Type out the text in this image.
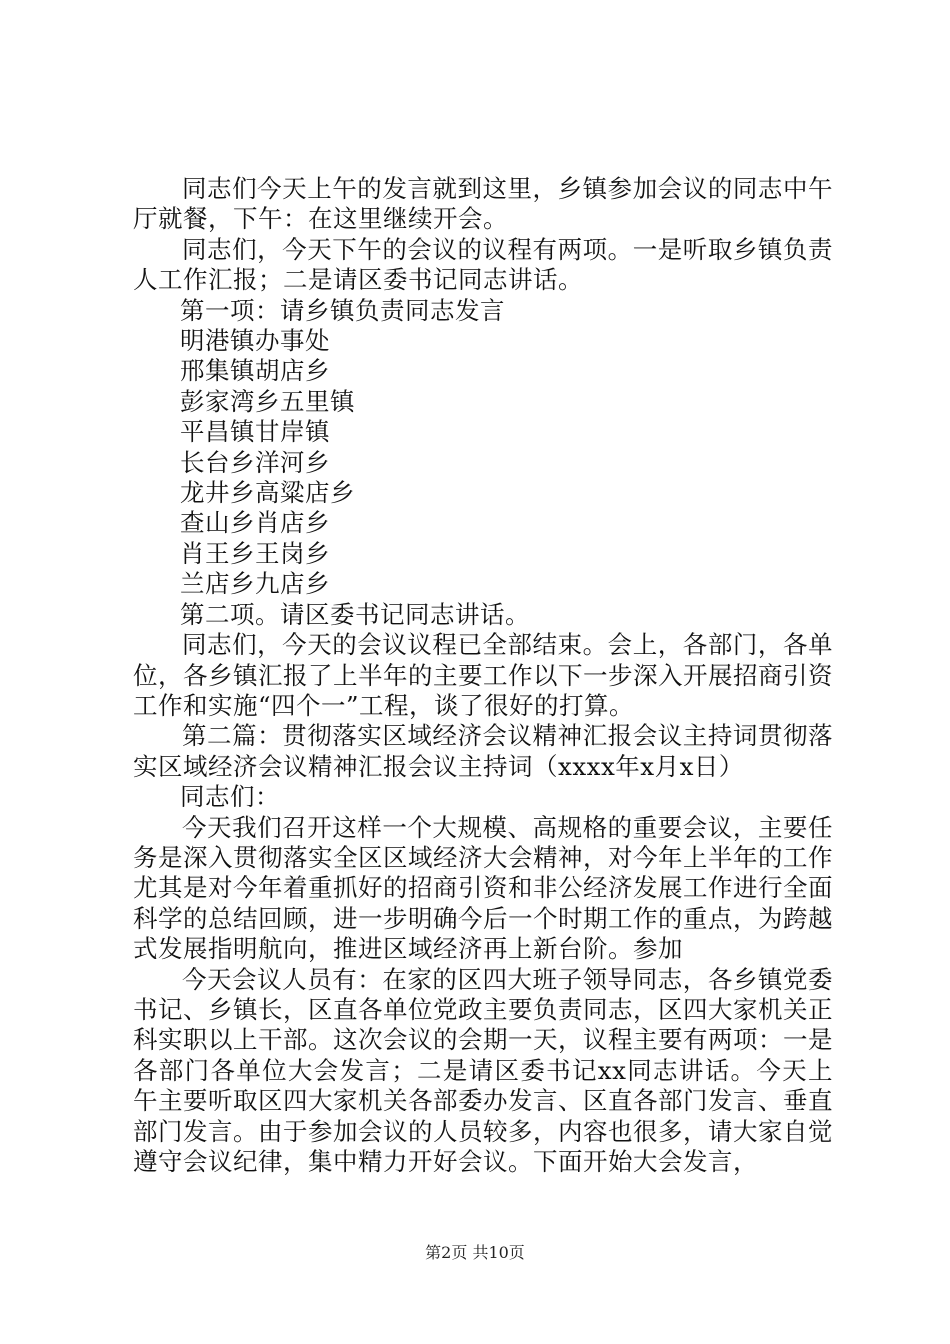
同志们今天上午的发言就到这里，乡镇参加会议的同志中午厅就餐，下午：在这里继续开会。

同志们，今天下午的会议的议程有两项。一是听取乡镇负责人工作汇报；二是请区委书记同志讲话。

第一项：请乡镇负责同志发言

明港镇办事处

邢集镇胡店乡

彭家湾乡五里镇

平昌镇甘岸镇

长台乡洋河乡

龙井乡高粱店乡

查山乡肖店乡

肖王乡王岗乡

兰店乡九店乡

第二项。请区委书记同志讲话。

同志们，今天的会议议程已全部结束。会上，各部门，各单位，各乡镇汇报了上半年的主要工作以下一步深入开展招商引资工作和实施“四个一”工程，谈了很好的打算。

第二篇：贯彻落实区域经济会议精神汇报会议主持词贯彻落实区域经济会议精神汇报会议主持词（xxxx年x月x日）

同志们：

今天我们召开这样一个大规模、高规格的重要会议，主要任务是深入贯彻落实全区区域经济大会精神，对今年上半年的工作尤其是对今年着重抓好的招商引资和非公经济发展工作进行全面科学的总结回顾，进一步明确今后一个时期工作的重点，为跨越式发展指明航向，推进区域经济再上新台阶。参加

今天会议人员有：在家的区四大班子领导同志，各乡镇党委书记、乡镇长，区直各单位党政主要负责同志，区四大家机关正科实职以上干部。这次会议的会期一天，议程主要有两项：一是各部门各单位大会发言；二是请区委书记xx同志讲话。今天上午主要听取区四大家机关各部委办发言、区直各部门发言、垂直部门发言。由于参加会议的人员较多，内容也很多，请大家自觉遵守会议纪律，集中精力开好会议。下面开始大会发言，

第2页 共10页
